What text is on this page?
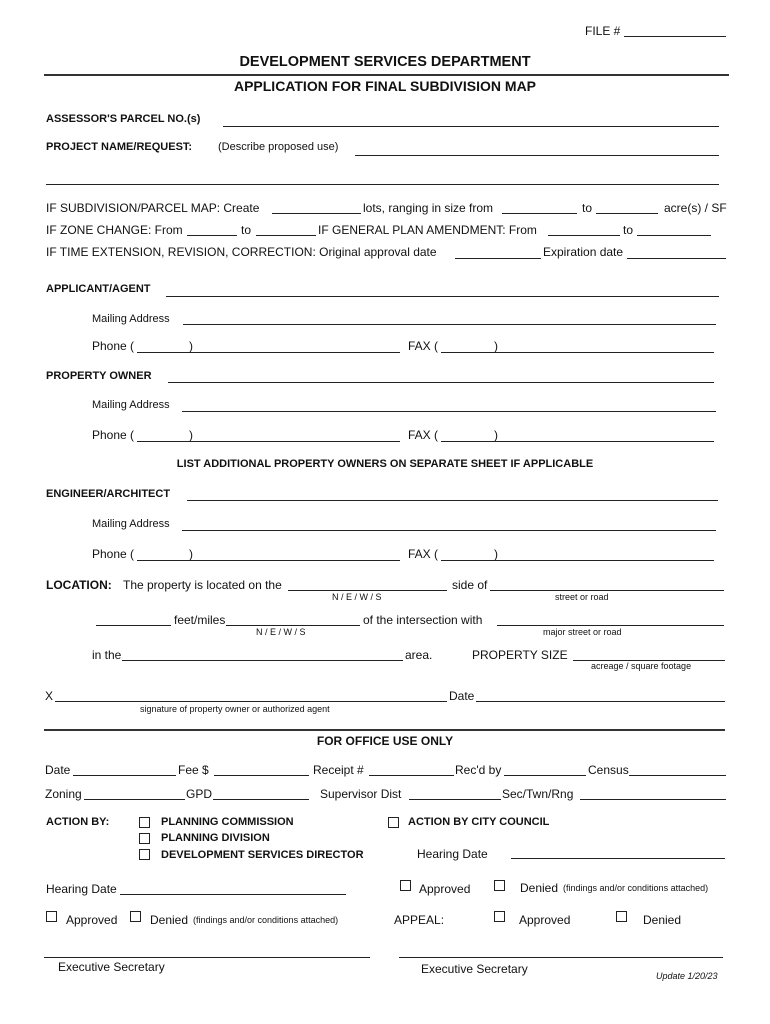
FILE #
DEVELOPMENT SERVICES DEPARTMENT
APPLICATION FOR FINAL SUBDIVISION MAP
ASSESSOR'S PARCEL NO.(s)
PROJECT NAME/REQUEST: (Describe proposed use)
IF SUBDIVISION/PARCEL MAP: Create	lots, ranging in size from	to	acre(s) / SF
IF ZONE CHANGE: From	to	IF GENERAL PLAN AMENDMENT: From	to
IF TIME EXTENSION, REVISION, CORRECTION: Original approval date	Expiration date
APPLICANT/AGENT
Mailing Address
Phone (	)	FAX (	)
PROPERTY OWNER
Mailing Address
Phone (	)	FAX (	)
LIST ADDITIONAL PROPERTY OWNERS ON SEPARATE SHEET IF APPLICABLE
ENGINEER/ARCHITECT
Mailing Address
Phone (	)	FAX (	)
LOCATION: The property is located on the
N / E / W / S
side of
street or road
feet/miles
N / E / W / S
of the intersection with
major street or road
in the	area.	PROPERTY SIZE
acreage / square footage
X	Date
signature of property owner or authorized agent
FOR OFFICE USE ONLY
Date	Fee $	Receipt #	Rec'd by	Census
Zoning	GPD	Supervisor Dist	Sec/Twn/Rng
ACTION BY:	PLANNING COMMISSION
PLANNING DIVISION
DEVELOPMENT SERVICES DIRECTOR
ACTION BY CITY COUNCIL
Hearing Date
Hearing Date	Approved	Denied (findings and/or conditions attached)
Approved	Denied (findings and/or conditions attached)	APPEAL:	Approved	Denied
Executive Secretary	Executive Secretary	Update 1/20/23
